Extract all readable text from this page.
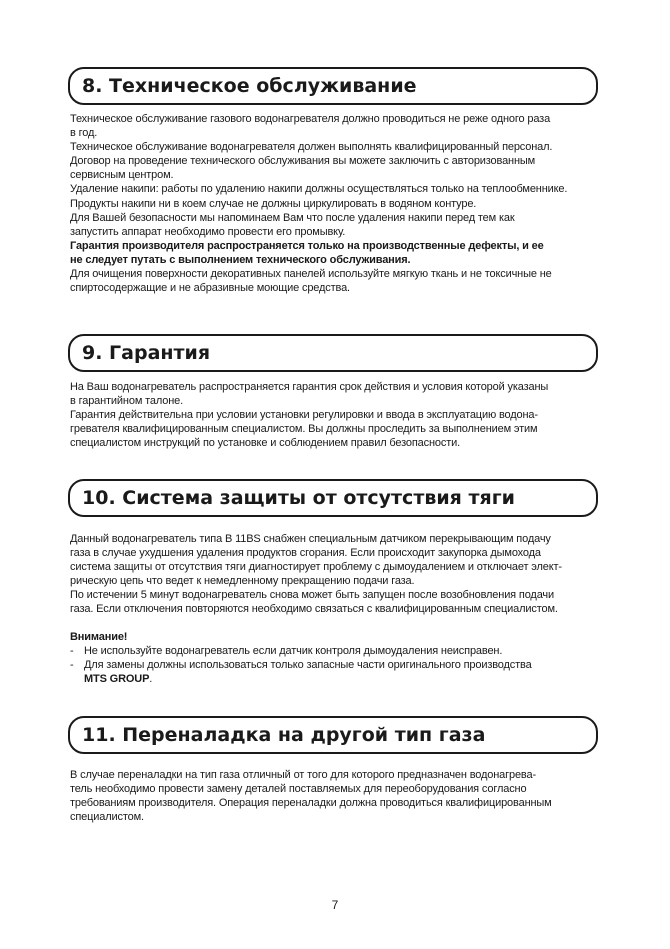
8. Техническое обслуживание

Техническое обслуживание газового водонагревателя должно проводиться не реже одного раза

в год.

Техническое обслуживание водонагревателя должен выполнять квалифицированный персонал.

Договор на проведение технического обслуживания вы можете заключить с авторизованным

сервисным центром.

Удаление накипи: работы по удалению накипи должны осуществляться только на теплообменнике.

Продукты накипи ни в коем случае не должны циркулировать в водяном контуре.

Для Вашей безопасности мы напоминаем Вам что после удаления накипи перед тем как

запустить аппарат необходимо провести его промывку.

Гарантия производителя распространяется только на производственные дефекты, и ее

не следует путать с выполнением технического обслуживания.

Для очищения поверхности декоративных панелей используйте мягкую ткань и не токсичные не

спиртосодержащие и не абразивные моющие средства.

9. Гарантия

На Ваш водонагреватель распространяется гарантия срок действия и условия которой указаны

в гарантийном талоне.

Гарантия действительна при условии установки регулировки и ввода в эксплуатацию водона-

гревателя квалифицированным специалистом. Вы должны проследить за выполнением этим

специалистом инструкций по установке и соблюдением правил безопасности.

10. Система защиты от отсутствия тяги

Данный водонагреватель типа В 11BS снабжен специальным датчиком перекрывающим подачу

газа в случае ухудшения удаления продуктов сгорания. Если происходит закупорка дымохода

система защиты от отсутствия тяги диагностирует проблему с дымоудалением и отключает элект-

рическую цепь что ведет к немедленному прекращению подачи газа.

По истечении 5 минут водонагреватель снова может быть запущен после возобновления подачи

газа. Если отключения повторяются необходимо связаться с квалифицированным специалистом.

Внимание!

- Не используйте водонагреватель если датчик контроля дымоудаления неисправен.
- Для замены должны использоваться только запасные части оригинального производства
MTS GROUP.
11. Переналадка на другой тип газа

В случае переналадки на тип газа отличный от того для которого предназначен водонагрева-

тель необходимо провести замену деталей поставляемых для переоборудования согласно

требованиям производителя. Операция переналадки должна проводиться квалифицированным

специалистом.

7
